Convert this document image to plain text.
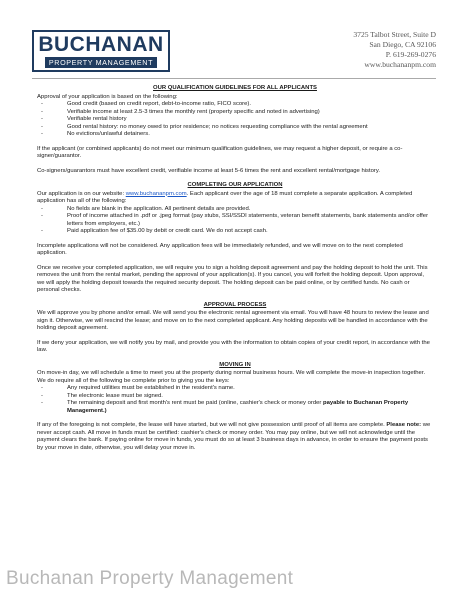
BUCHANAN
PROPERTY MANAGEMENT
3725 Talbot Street, Suite D
San Diego, CA 92106
P. 619-269-0276
www.buchananpm.com
OUR QUALIFICATION GUIDELINES FOR ALL APPLICANTS

Approval of your application is based on the following:

- Good credit (based on credit report, debt-to-income ratio, FICO score).
- Verifiable income at least 2.5-3 times the monthly rent (property specific and noted in advertising)
- Verifiable rental history
- Good rental history: no money owed to prior residence; no notices requesting compliance with the rental agreement
- No evictions/unlawful detainers.

If the applicant (or combined applicants) do not meet our minimum qualification guidelines, we may request a higher deposit, or require a co-signer/guarantor.

Co-signers/guarantors must have excellent credit, verifiable income at least 5-6 times the rent and excellent rental/mortgage history.

COMPLETING OUR APPLICATION

Our application is on our website: www.buchananpm.com. Each applicant over the age of 18 must complete a separate application. A completed application has all of the following:

- No fields are blank in the application. All pertinent details are provided.
- Proof of income attached in .pdf or .jpeg format (pay stubs, SSI/SSDI statements, veteran benefit statements, bank statements and/or offer letters from employers, etc.)
- Paid application fee of $35.00 by debit or credit card. We do not accept cash.

Incomplete applications will not be considered. Any application fees will be immediately refunded, and we will move on to the next completed application.

Once we receive your completed application, we will require you to sign a holding deposit agreement and pay the holding deposit to hold the unit. This removes the unit from the rental market, pending the approval of your application(s). If you cancel, you will forfeit the holding deposit. Upon approval, we will apply the holding deposit towards the required security deposit. The holding deposit can be paid online, or by certified funds. No cash or personal checks.

APPROVAL PROCESS

We will approve you by phone and/or email. We will send you the electronic rental agreement via email. You will have 48 hours to review the lease and sign it. Otherwise, we will rescind the lease; and move on to the next completed applicant. Any holding deposits will be handled in accordance with the holding deposit agreement.

If we deny your application, we will notify you by mail, and provide you with the information to obtain copies of your credit report, in accordance with the law.

MOVING IN

On move-in day, we will schedule a time to meet you at the property during normal business hours. We will complete the move-in inspection together. We do require all of the following be complete prior to giving you the keys:

- Any required utilities must be established in the resident's name.
- The electronic lease must be signed.
- The remaining deposit and first month's rent must be paid (online, cashier's check or money order payable to Buchanan Property Management.)

If any of the foregoing is not complete, the lease will have started, but we will not give possession until proof of all items are complete. Please note: we never accept cash. All move in funds must be certified: cashier's check or money order. You may pay online, but we will not acknowledge until the payment clears the bank. If paying online for move in funds, you must do so at least 3 business days in advance, in order to ensure the payment posts by your move in date, otherwise, you will delay your move in.

Buchanan Property Management
